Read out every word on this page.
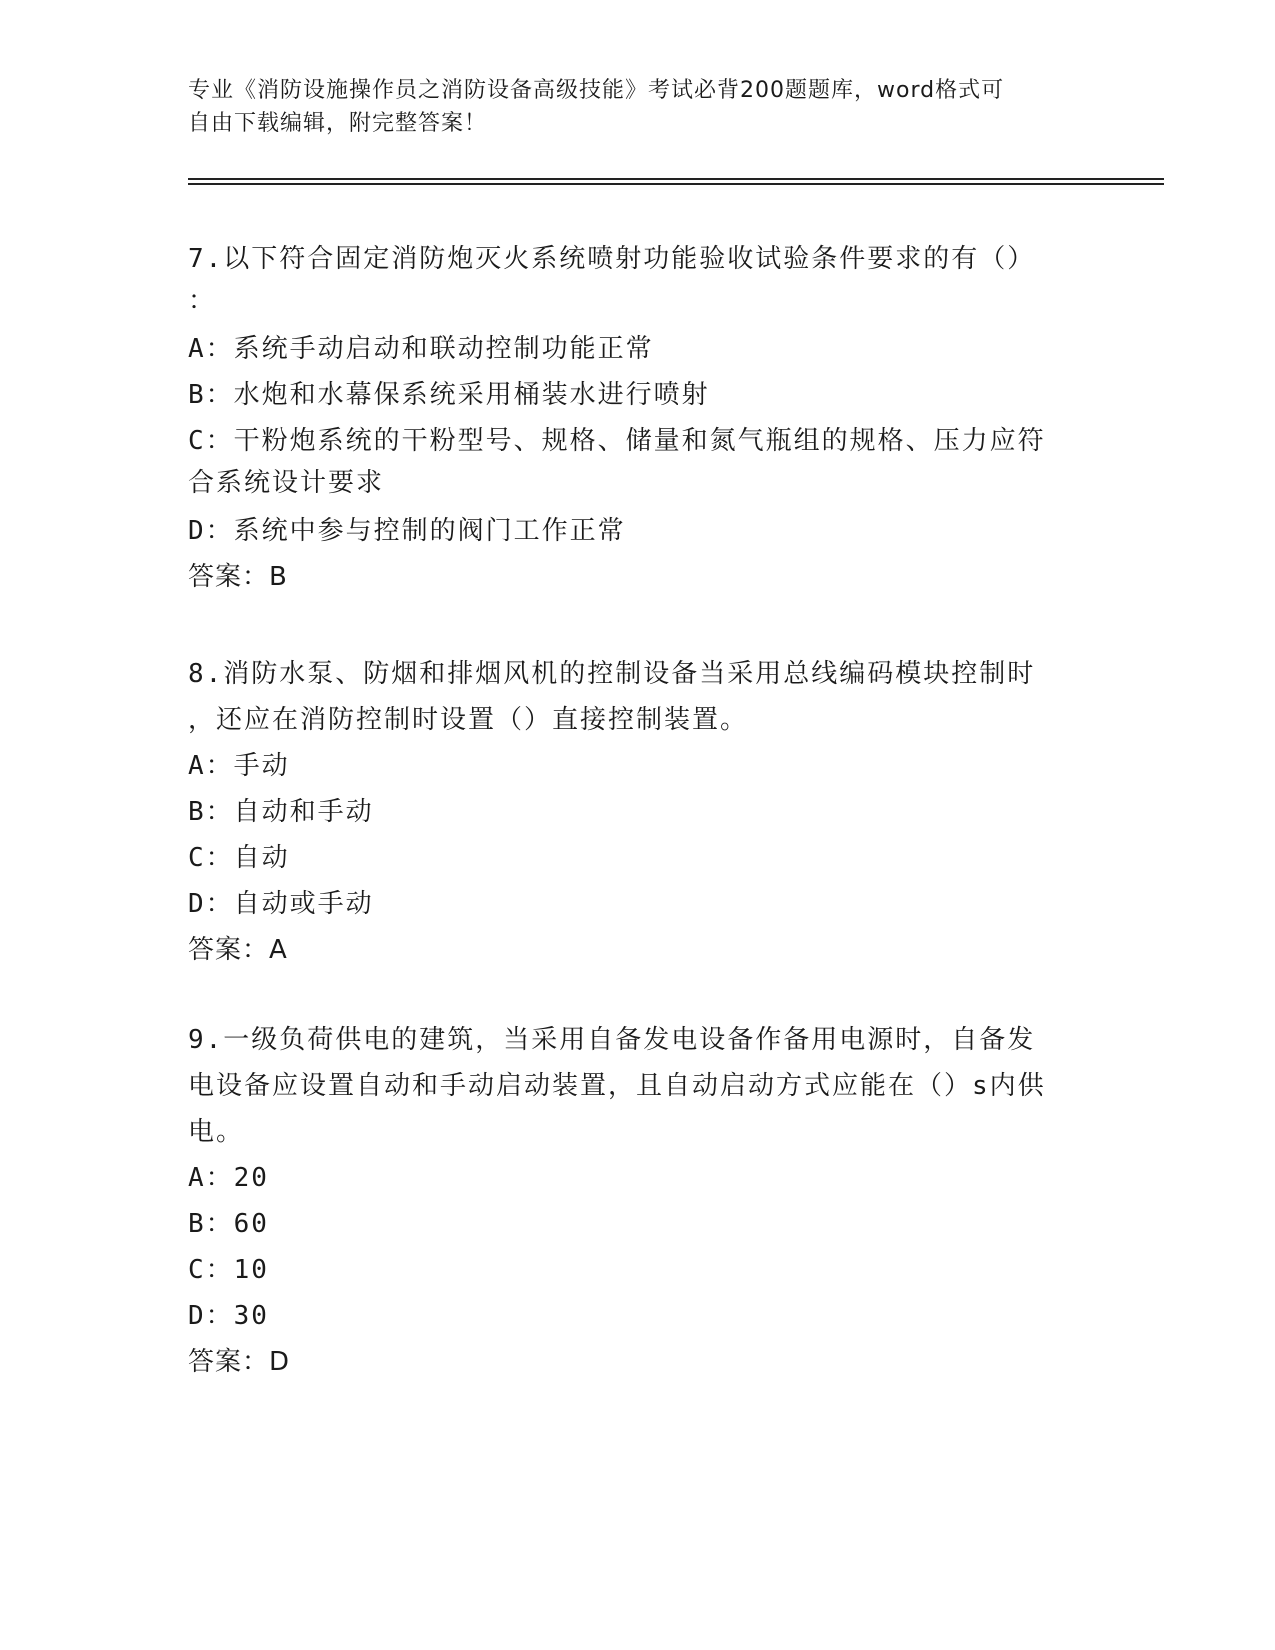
专业《消防设施操作员之消防设备高级技能》考试必背200题题库，word格式可
自由下载编辑，附完整答案！
7.以下符合固定消防炮灭火系统喷射功能验收试验条件要求的有（）
：
A：系统手动启动和联动控制功能正常
B：水炮和水幕保系统采用桶装水进行喷射
C：干粉炮系统的干粉型号、规格、储量和氮气瓶组的规格、压力应符
合系统设计要求
D：系统中参与控制的阀门工作正常
答案：B
8.消防水泵、防烟和排烟风机的控制设备当采用总线编码模块控制时
，还应在消防控制时设置（）直接控制装置。
A：手动
B：自动和手动
C：自动
D：自动或手动
答案：A
9.一级负荷供电的建筑，当采用自备发电设备作备用电源时，自备发
电设备应设置自动和手动启动装置，且自动启动方式应能在（）s内供
电。
A：20
B：60
C：10
D：30
答案：D
